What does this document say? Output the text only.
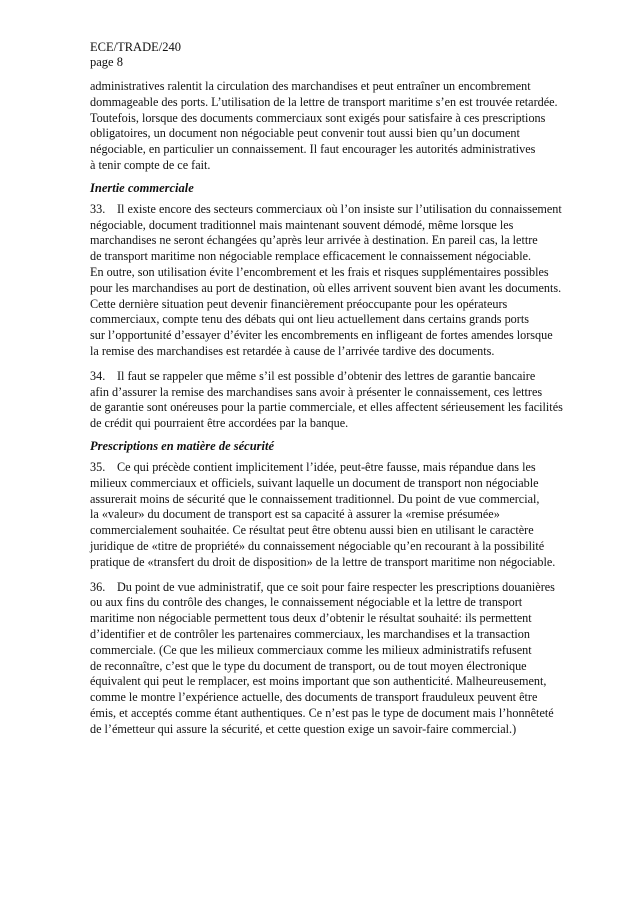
ECE/TRADE/240
page 8
administratives ralentit la circulation des marchandises et peut entraîner un encombrement
dommageable des ports. L’utilisation de la lettre de transport maritime s’en est trouvée retardée.
Toutefois, lorsque des documents commerciaux sont exigés pour satisfaire à ces prescriptions
obligatoires, un document non négociable peut convenir tout aussi bien qu’un document
négociable, en particulier un connaissement. Il faut encourager les autorités administratives
à tenir compte de ce fait.
Inertie commerciale
33. Il existe encore des secteurs commerciaux où l’on insiste sur l’utilisation du connaissement
négociable, document traditionnel mais maintenant souvent démodé, même lorsque les
marchandises ne seront échangées qu’après leur arrivée à destination. En pareil cas, la lettre
de transport maritime non négociable remplace efficacement le connaissement négociable.
En outre, son utilisation évite l’encombrement et les frais et risques supplémentaires possibles
pour les marchandises au port de destination, où elles arrivent souvent bien avant les documents.
Cette dernière situation peut devenir financièrement préoccupante pour les opérateurs
commerciaux, compte tenu des débats qui ont lieu actuellement dans certains grands ports
sur l’opportunité d’essayer d’éviter les encombrements en infligeant de fortes amendes lorsque
la remise des marchandises est retardée à cause de l’arrivée tardive des documents.
34. Il faut se rappeler que même s’il est possible d’obtenir des lettres de garantie bancaire
afin d’assurer la remise des marchandises sans avoir à présenter le connaissement, ces lettres
de garantie sont onéreuses pour la partie commerciale, et elles affectent sérieusement les facilités
de crédit qui pourraient être accordées par la banque.
Prescriptions en matière de sécurité
35. Ce qui précède contient implicitement l’idée, peut-être fausse, mais répandue dans les
milieux commerciaux et officiels, suivant laquelle un document de transport non négociable
assurerait moins de sécurité que le connaissement traditionnel. Du point de vue commercial,
la «valeur» du document de transport est sa capacité à assurer la «remise présumée»
commercialement souhaitée. Ce résultat peut être obtenu aussi bien en utilisant le caractère
juridique de «titre de propriété» du connaissement négociable qu’en recourant à la possibilité
pratique de «transfert du droit de disposition» de la lettre de transport maritime non négociable.
36. Du point de vue administratif, que ce soit pour faire respecter les prescriptions douanières
ou aux fins du contrôle des changes, le connaissement négociable et la lettre de transport
maritime non négociable permettent tous deux d’obtenir le résultat souhaité: ils permettent
d’identifier et de contrôler les partenaires commerciaux, les marchandises et la transaction
commerciale. (Ce que les milieux commerciaux comme les milieux administratifs refusent
de reconnaître, c’est que le type du document de transport, ou de tout moyen électronique
équivalent qui peut le remplacer, est moins important que son authenticité. Malheureusement,
comme le montre l’expérience actuelle, des documents de transport frauduleux peuvent être
émis, et acceptés comme étant authentiques. Ce n’est pas le type de document mais l’honnêteté
de l’émetteur qui assure la sécurité, et cette question exige un savoir-faire commercial.)
